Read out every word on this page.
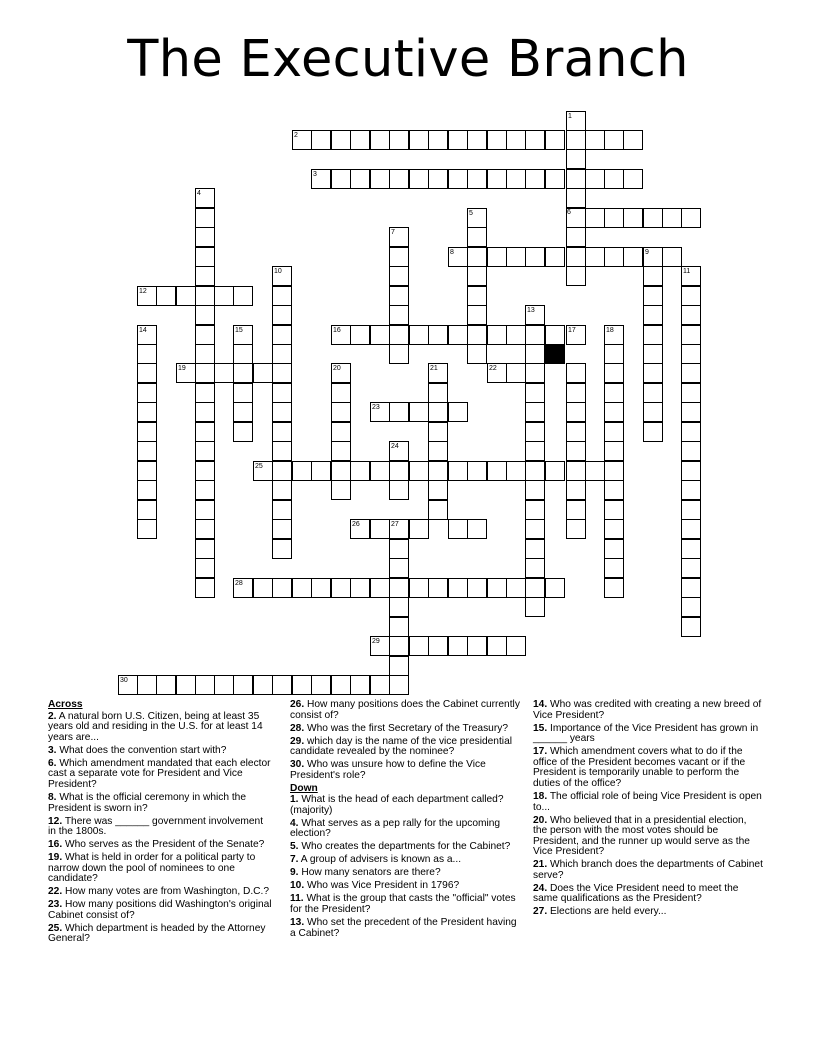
The Executive Branch
1
2
3
4
5
7
8	9
10	11
12
13
14	15	16	17	18
19	20	21	22
23
24
25
26	27
28
29
30
6
Across
2. A natural born U.S. Citizen, being at least 35 years old and residing in the U.S. for at least 14 years are...
3. What does the convention start with?
6. Which amendment mandated that each elector cast a separate vote for President and Vice President?
8. What is the official ceremony in which the President is sworn in?
12. There was ______ government involvement in the 1800s.
16. Who serves as the President of the Senate?
19. What is held in order for a political party to narrow down the pool of nominees to one candidate?
22. How many votes are from Washington, D.C.?
23. How many positions did Washington's original Cabinet consist of?
25. Which department is headed by the Attorney General?
26. How many positions does the Cabinet currently consist of?
28. Who was the first Secretary of the Treasury?
29. which day is the name of the vice presidential candidate revealed by the nominee?
30. Who was unsure how to define the Vice President's role?
Down
1. What is the head of each department called? (majority)
4. What serves as a pep rally for the upcoming election?
5. Who creates the departments for the Cabinet?
7. A group of advisers is known as a...
9. How many senators are there?
10. Who was Vice President in 1796?
11. What is the group that casts the "official" votes for the President?
13. Who set the precedent of the President having a Cabinet?
14. Who was credited with creating a new breed of Vice President?
15. Importance of the Vice President has grown in ______ years
17. Which amendment covers what to do if the office of the President becomes vacant or if the President is temporarily unable to perform the duties of the office?
18. The official role of being Vice President is open to...
20. Who believed that in a presidential election, the person with the most votes should be President, and the runner up would serve as the Vice President?
21. Which branch does the departments of Cabinet serve?
24. Does the Vice President need to meet the same qualifications as the President?
27. Elections are held every...
